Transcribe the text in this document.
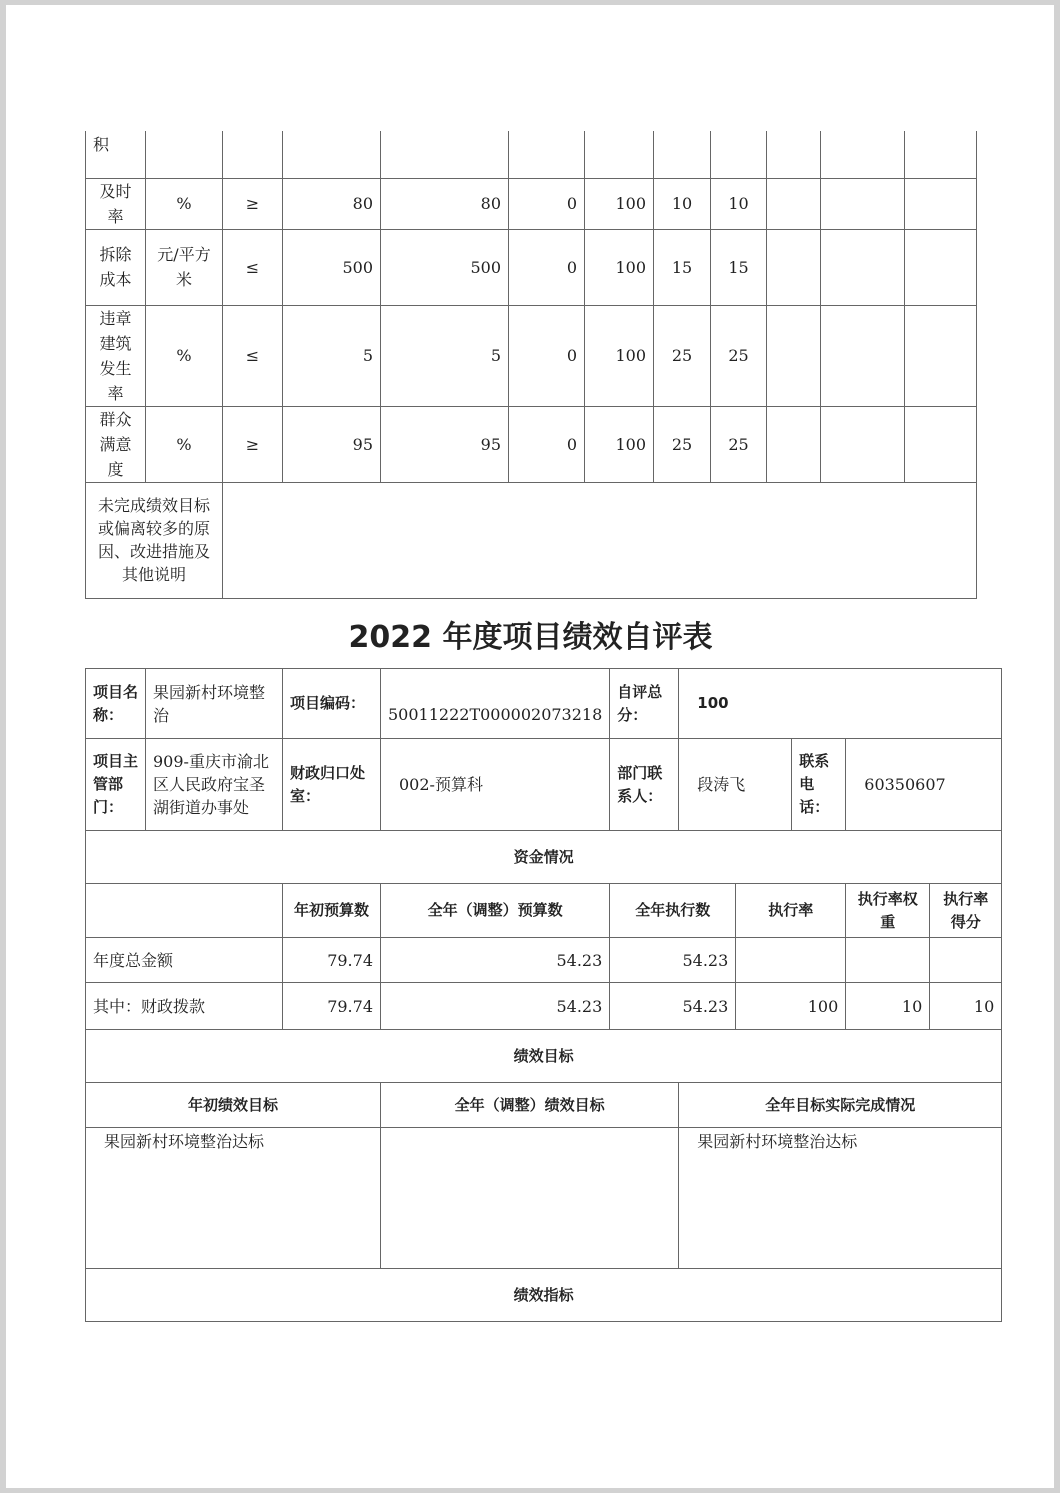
积											
及时率	%	≥	80	80	0	100	10	10			
拆除成本	元/平方米	≤	500	500	0	100	15	15			
违章建筑发生率	%	≤	5	5	0	100	25	25			
群众满意度	%	≥	95	95	0	100	25	25			
未完成绩效目标或偏离较多的原因、改进措施及其他说明											
2022 年度项目绩效自评表
项目名称：	果园新村环境整治	项目编码：	50011222T000002073218	自评总分：	100				
项目主管部门：	909-重庆市渝北区人民政府宝圣湖街道办事处	财政归口处室：	002-预算科	部门联系人：	段涛飞		联系电话：	60350607	
资金情况									
		年初预算数	全年（调整）预算数	全年执行数		执行率		执行率权重	执行率得分
年度总金额		79.74	54.23	54.23					
其中：财政拨款		79.74	54.23	54.23		100		10	10
绩效目标									
年初绩效目标			全年（调整）绩效目标		全年目标实际完成情况				
果园新村环境整治达标					果园新村环境整治达标				
绩效指标									
